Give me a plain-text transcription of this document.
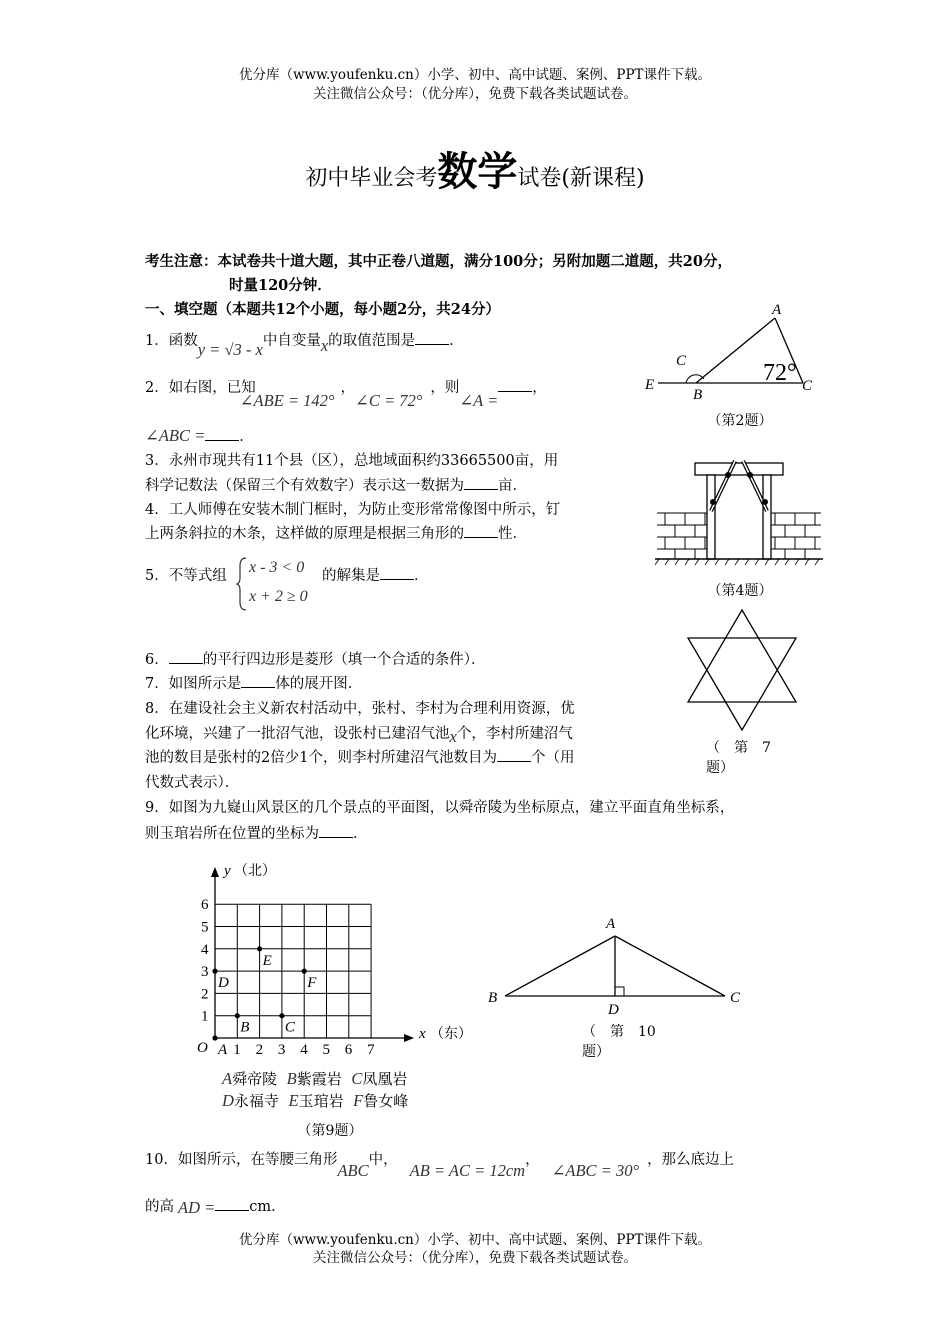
优分库（www.youfenku.cn）小学、初中、高中试题、案例、PPT课件下载。
关注微信公众号：（优分库），免费下载各类试题试卷。
初中毕业会考数学试卷(新课程)
考生注意：本试卷共十道大题，其中正卷八道题，满分100分；另附加题二道题，共20分，
时量120分钟．
一、填空题（本题共12个小题，每小题2分，共24分）
1．函数y = √3 - x中自变量x的取值范围是 ．
2．如右图，已知∠ABE = 142°，∠C = 72°，则∠A =，
∠ABC = ．
3．永州市现共有11个县（区），总地域面积约33665500亩，用
科学记数法（保留三个有效数字）表示这一数据为 亩．
4．工人师傅在安装木制门框时，为防止变形常常像图中所示，钉
上两条斜拉的木条，这样做的原理是根据三角形的 性．
5．不等式组 x - 3 < 0
x + 2 ≥ 0
的解集是 ．
6． 的平行四边形是菱形（填一个合适的条件）．
7．如图所示是 体的展开图．
8．在建设社会主义新农村活动中，张村、李村为合理利用资源，优
化环境，兴建了一批沼气池，设张村已建沼气池x个，李村所建沼气
池的数目是张村的2倍少1个，则李村所建沼气池数目为 个（用
代数式表示）．
9．如图为九嶷山风景区的几个景点的平面图，以舜帝陵为坐标原点，建立平面直角坐标系，
则玉琯岩所在位置的坐标为 ．
10．如图所示，在等腰三角形ABC中，AB = AC = 12cm，∠ABC = 30°，那么底边上
的高 AD = cm．
A
C
E
B
C
72°
（第2题）
（第4题）
（　第　7
题）
y （北）
x （东）
O 1 2 3 4 5 6 7
1
2
3
4
5
6
A
B C
D
E
F
A舜帝陵 B紫霞岩 C凤凰岩
D永福寺 E玉琯岩 F鲁女峰
（第9题）
A
B	C
D
（　第　10
题）
优分库（www.youfenku.cn）小学、初中、高中试题、案例、PPT课件下载。
关注微信公众号：（优分库），免费下载各类试题试卷。
